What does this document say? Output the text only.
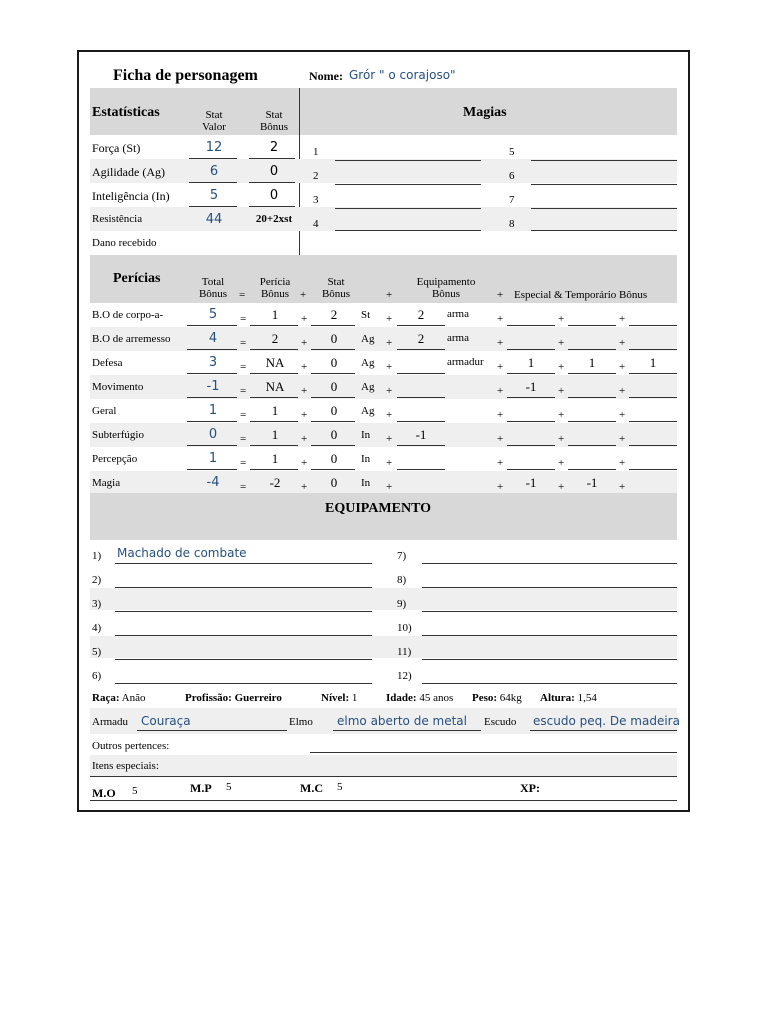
Ficha de personagem	Nome: Grór " o corajoso"
Estatísticas	Stat
Valor
Stat
Bônus
Magias
Força (St)	12	2
Agilidade (Ag)	6	0
Inteligência (In)	5	0
Resistência	44	20+2xst
Dano recebido
1
2
3
4
5
6
7
8
Perícias	Total
Bônus	=
Perícia
Bônus +
Stat
Bônus	+
Equipamento
Bônus	+ Especial & Temporário Bônus
B.O de corpo-a-	5	=	1	+	2	St +	2	arma	+	+	+
B.O de arremesso	4	=	2	+	0	Ag +	2	arma	+	+	+
Defesa	3	=	NA	+	0	Ag +	armadur +	1	+	1	+	1
Movimento	-1	=	NA	+	0	Ag +	+	-1	+	+
Geral	1	=	1	+	0	Ag +	+	+	+
Subterfúgio	0	=	1	+	0	In +	-1	+	+	+
Percepção	1	=	1	+	0	In +	+	+	+
Magia	-4	=	-2	+	0	In +	+	-1	+	-1	+
EQUIPAMENTO
1) Machado de combate
2)
3)
4)
5)
6)
7)
8)
9)
10)
11)
12)
Raça: Anão	Profissão: Guerreiro	Nível: 1	Idade: 45 anos Peso: 64kg Altura: 1,54
Armadu Couraça	Elmo elmo aberto de metal Escudo escudo peq. De madeira
Outros pertences:
Itens especiais:
M.O 5	M.P 5	M.C 5	XP:
